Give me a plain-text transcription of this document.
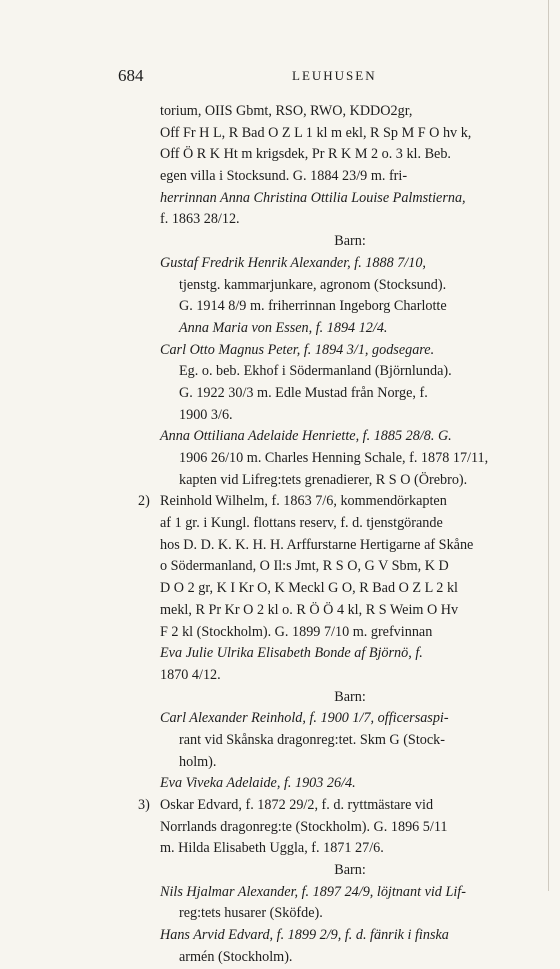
684	LEUHUSEN
torium, OIIS Gbmt, RSO, RWO, KDDO2gr,
Off Fr H L, R Bad O Z L 1 kl m ekl, R Sp M F O hv k,
Off Ö R K Ht m krigsdek, Pr R K M 2 o. 3 kl. Beb.
egen villa i Stocksund. G. 1884 23/9 m. fri-
herrinnan Anna Christina Ottilia Louise Palmstierna,
f. 1863 28/12.
Barn:
Gustaf Fredrik Henrik Alexander, f. 1888 7/10,
tjenstg. kammarjunkare, agronom (Stocksund).
G. 1914 8/9 m. friherrinnan Ingeborg Charlotte
Anna Maria von Essen, f. 1894 12/4.
Carl Otto Magnus Peter, f. 1894 3/1, godsegare.
Eg. o. beb. Ekhof i Södermanland (Björnlunda).
G. 1922 30/3 m. Edle Mustad från Norge, f.
1900 3/6.
Anna Ottiliana Adelaide Henriette, f. 1885 28/8. G.
1906 26/10 m. Charles Henning Schale, f. 1878 17/11,
kapten vid Lifreg:tets grenadierer, R S O (Örebro).
2) Reinhold Wilhelm, f. 1863 7/6, kommendörkapten
af 1 gr. i Kungl. flottans reserv, f. d. tjenstgörande
hos D. D. K. K. H. H. Arffurstarne Hertigarne af Skåne
o Södermanland, O Il:s Jmt, R S O, G V Sbm, K D
D O 2 gr, K I Kr O, K Meckl G O, R Bad O Z L 2 kl
mekl, R Pr Kr O 2 kl o. R Ö Ö 4 kl, R S Weim O Hv
F 2 kl (Stockholm). G. 1899 7/10 m. grefvinnan
Eva Julie Ulrika Elisabeth Bonde af Björnö, f.
1870 4/12.
Barn:
Carl Alexander Reinhold, f. 1900 1/7, officersaspi-
rant vid Skånska dragonreg:tet. Skm G (Stock-
holm).
Eva Viveka Adelaide, f. 1903 26/4.
3) Oskar Edvard, f. 1872 29/2, f. d. ryttmästare vid
Norrlands dragonreg:te (Stockholm). G. 1896 5/11
m. Hilda Elisabeth Uggla, f. 1871 27/6.
Barn:
Nils Hjalmar Alexander, f. 1897 24/9, löjtnant vid Lif-
reg:tets husarer (Sköfde).
Hans Arvid Edvard, f. 1899 2/9, f. d. fänrik i finska
armén (Stockholm).
